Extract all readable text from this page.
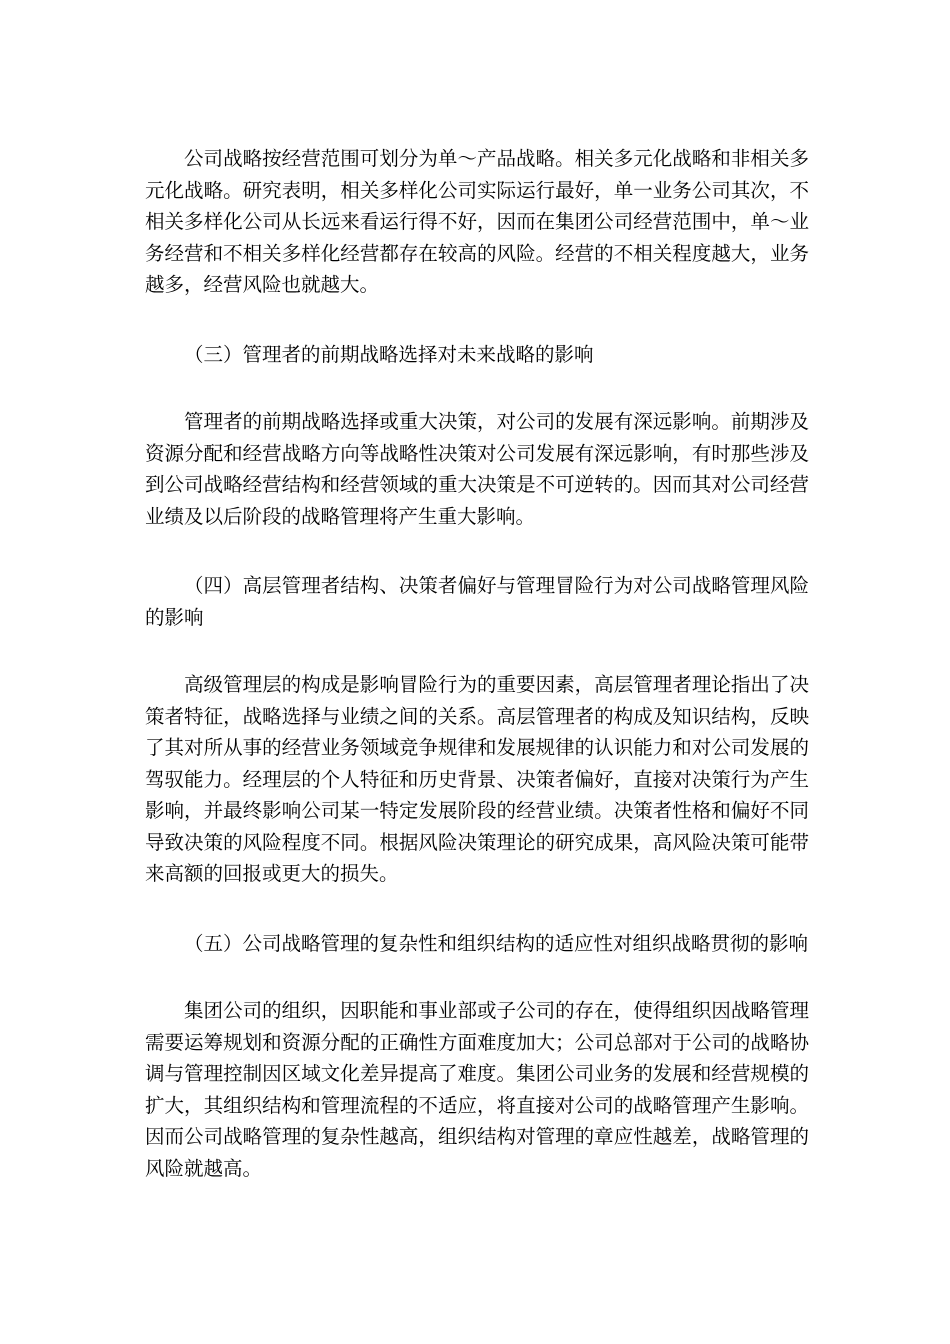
公司战略按经营范围可划分为单～产品战略。相关多元化战略和非相关多元化战略。研究表明，相关多样化公司实际运行最好，单一业务公司其次，不相关多样化公司从长远来看运行得不好，因而在集团公司经营范围中，单～业务经营和不相关多样化经营都存在较高的风险。经营的不相关程度越大，业务越多，经营风险也就越大。

（三）管理者的前期战略选择对未来战略的影响

管理者的前期战略选择或重大决策，对公司的发展有深远影响。前期涉及资源分配和经营战略方向等战略性决策对公司发展有深远影响，有时那些涉及到公司战略经营结构和经营领域的重大决策是不可逆转的。因而其对公司经营业绩及以后阶段的战略管理将产生重大影响。

（四）高层管理者结构、决策者偏好与管理冒险行为对公司战略管理风险的影响

高级管理层的构成是影响冒险行为的重要因素，高层管理者理论指出了决策者特征，战略选择与业绩之间的关系。高层管理者的构成及知识结构，反映了其对所从事的经营业务领域竞争规律和发展规律的认识能力和对公司发展的驾驭能力。经理层的个人特征和历史背景、决策者偏好，直接对决策行为产生影响，并最终影响公司某一特定发展阶段的经营业绩。决策者性格和偏好不同导致决策的风险程度不同。根据风险决策理论的研究成果，高风险决策可能带来高额的回报或更大的损失。

（五）公司战略管理的复杂性和组织结构的适应性对组织战略贯彻的影响

集团公司的组织，因职能和事业部或子公司的存在，使得组织因战略管理需要运筹规划和资源分配的正确性方面难度加大；公司总部对于公司的战略协调与管理控制因区域文化差异提高了难度。集团公司业务的发展和经营规模的扩大，其组织结构和管理流程的不适应，将直接对公司的战略管理产生影响。因而公司战略管理的复杂性越高，组织结构对管理的章应性越差，战略管理的风险就越高。
